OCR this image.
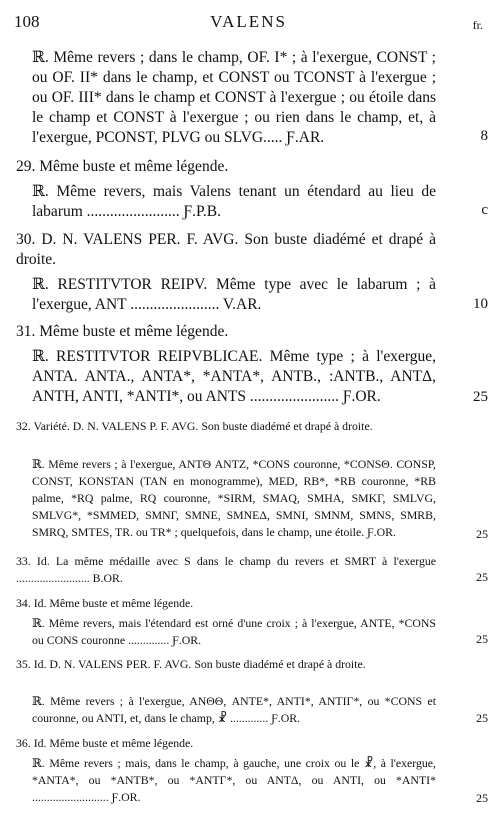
108	VALENS	fr.

ℝ. Même revers ; dans le champ, OF. I* ; à l'exergue, CONST ; ou OF. II* dans le champ, et CONST ou TCONST à l'exergue ; ou OF. III* dans le champ et CONST à l'exergue ; ou étoile dans le champ et CONST à l'exergue ; ou rien dans le champ, et, à l'exergue, PCONST, PLVG ou SLVG..... Ƒ.AR.	8

29. Même buste et même légende.

ℝ. Même revers, mais Valens tenant un étendard au lieu de labarum ........................ Ƒ.P.B.	c

30. D. N. VALENS PER. F. AVG. Son buste diadémé et drapé à droite.

ℝ. RESTITVTOR REIPV. Même type avec le labarum ; à l'exergue, ANT ....................... V.AR.	10

31. Même buste et même légende.

ℝ. RESTITVTOR REIPVBLICAE. Même type ; à l'exergue, ANTA. ANTA., ANTA*, *ANTA*, ANTB., :ANTB., ANTΔ, ANTH, ANTI, *ANTI*, ou ANTS ....................... Ƒ.OR.	25

32. Variété. D. N. VALENS P. F. AVG. Son buste diadémé et drapé à droite.

ℝ. Même revers ; à l'exergue, ANTΘ ANTZ, *CONS couronne, *CONSΘ. CONSP, CONST, KONSTAN (TAN en monogramme), MED, RB*, *RB couronne, *RB palme, *RQ palme, RQ couronne, *SIRM, SMAQ, SMHA, SMKΓ, SMLVG, SMLVG*, *SMMED, SMNΓ, SMNE, SMNEΔ, SMNI, SMNM, SMNS, SMRB, SMRQ, SMTES, TR. ou TR* ; quelquefois, dans le champ, une étoile. Ƒ.OR.	25

33. Id. La même médaille avec S dans le champ du revers et SMRT à l'exergue ......................... B.OR.	25

34. Id. Même buste et même légende.

ℝ. Même revers, mais l'étendard est orné d'une croix ; à l'exergue, ANTE, *CONS ou CONS couronne .............. Ƒ.OR.	25

35. Id. D. N. VALENS PER. F. AVG. Son buste diadémé et drapé à droite.

ℝ. Même revers ; à l'exergue, ANΘΘ, ANTE*, ANTI*, ANTIΓ*, ou *CONS et couronne, ou ANTI, et, dans le champ, ☧ ............. Ƒ.OR.	25

36. Id. Même buste et même légende.

ℝ. Même revers ; mais, dans le champ, à gauche, une croix ou le ☧, à l'exergue, *ANTA*, ou *ANTB*, ou *ANTΓ*, ou ANTΔ, ou ANTI, ou *ANTI* .......................... Ƒ.OR.	25
